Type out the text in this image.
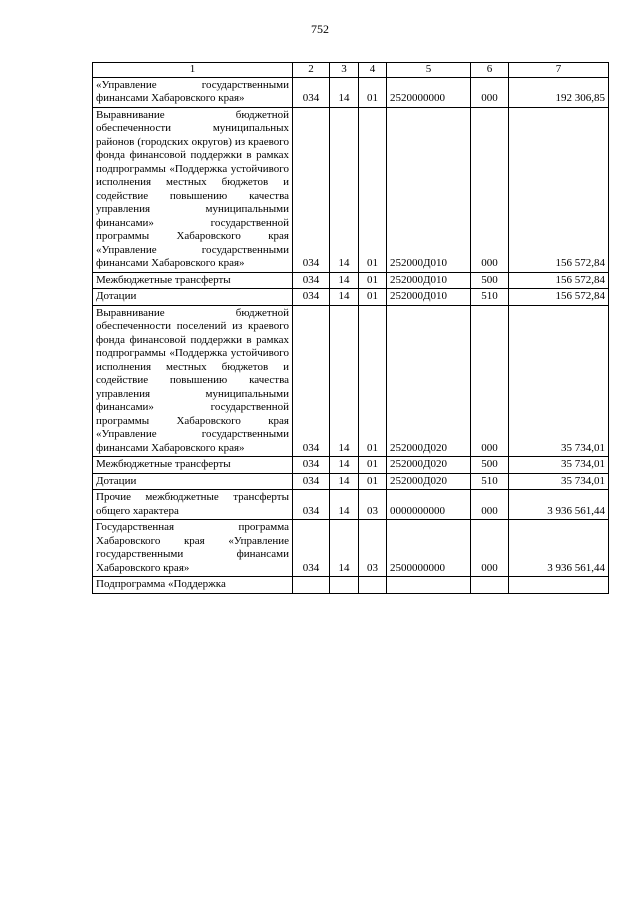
752
1	2	3	4	5	6	7
«Управление государственными финансами Хабаровского края»	034	14	01	2520000000	000	192 306,85
Выравнивание бюджетной обеспеченности муниципальных районов (городских округов) из краевого фонда финансовой поддержки в рамках подпрограммы «Поддержка устойчивого исполнения местных бюджетов и содействие повышению качества управления муниципальными финансами» государственной программы Хабаровского края «Управление государственными финансами Хабаровского края»	034	14	01	252000Д010	000	156 572,84
Межбюджетные трансферты	034	14	01	252000Д010	500	156 572,84
Дотации	034	14	01	252000Д010	510	156 572,84
Выравнивание бюджетной обеспеченности поселений из краевого фонда финансовой поддержки в рамках подпрограммы «Поддержка устойчивого исполнения местных бюджетов и содействие повышению качества управления муниципальными финансами» государственной программы Хабаровского края «Управление государственными финансами Хабаровского края»	034	14	01	252000Д020	000	35 734,01
Межбюджетные трансферты	034	14	01	252000Д020	500	35 734,01
Дотации	034	14	01	252000Д020	510	35 734,01
Прочие межбюджетные трансферты общего характера	034	14	03	0000000000	000	3 936 561,44
Государственная программа Хабаровского края «Управление государственными финансами Хабаровского края»	034	14	03	2500000000	000	3 936 561,44
Подпрограмма «Поддержка						
